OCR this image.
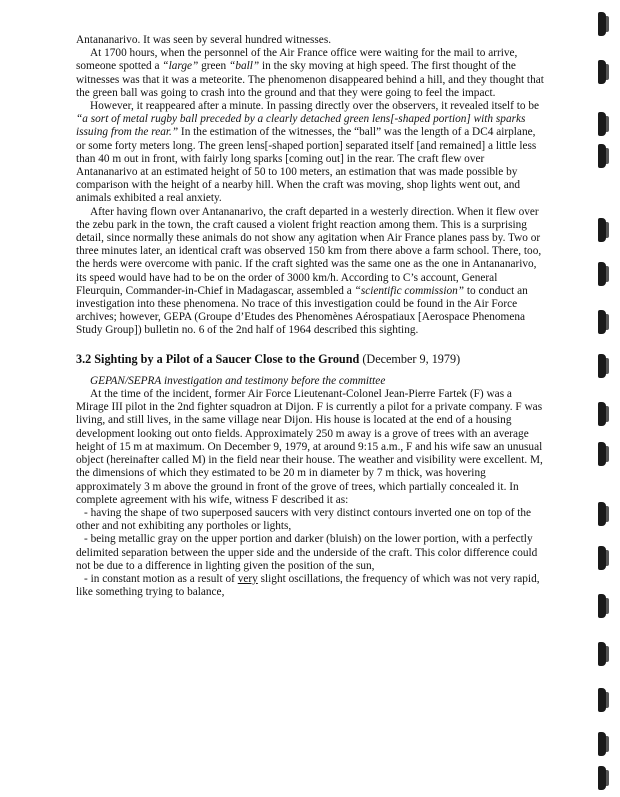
Antananarivo. It was seen by several hundred witnesses.

At 1700 hours, when the personnel of the Air France office were waiting for the mail to arrive, someone spotted a “large” green “ball” in the sky moving at high speed. The first thought of the witnesses was that it was a meteorite. The phenomenon disappeared behind a hill, and they thought that the green ball was going to crash into the ground and that they were going to feel the impact.

However, it reappeared after a minute. In passing directly over the observers, it revealed itself to be “a sort of metal rugby ball preceded by a clearly detached green lens[-shaped portion] with sparks issuing from the rear.” In the estimation of the witnesses, the “ball” was the length of a DC4 airplane, or some forty meters long. The green lens[-shaped portion] separated itself [and remained] a little less than 40 m out in front, with fairly long sparks [coming out] in the rear. The craft flew over Antananarivo at an estimated height of 50 to 100 meters, an estimation that was made possible by comparison with the height of a nearby hill. When the craft was moving, shop lights went out, and animals exhibited a real anxiety.

After having flown over Antananarivo, the craft departed in a westerly direction. When it flew over the zebu park in the town, the craft caused a violent fright reaction among them. This is a surprising detail, since normally these animals do not show any agitation when Air France planes pass by. Two or three minutes later, an identical craft was observed 150 km from there above a farm school. There, too, the herds were overcome with panic. If the craft sighted was the same one as the one in Antananarivo, its speed would have had to be on the order of 3000 km/h. According to C’s account, General Fleurquin, Commander-in-Chief in Madagascar, assembled a “scientific commission” to conduct an investigation into these phenomena. No trace of this investigation could be found in the Air Force archives; however, GEPA (Groupe d’Etudes des Phenomènes Aérospatiaux [Aerospace Phenomena Study Group]) bulletin no. 6 of the 2nd half of 1964 described this sighting.

3.2 Sighting by a Pilot of a Saucer Close to the Ground (December 9, 1979)

GEPAN/SEPRA investigation and testimony before the committee

At the time of the incident, former Air Force Lieutenant-Colonel Jean-Pierre Fartek (F) was a Mirage III pilot in the 2nd fighter squadron at Dijon. F is currently a pilot for a private company. F was living, and still lives, in the same village near Dijon. His house is located at the end of a housing development looking out onto fields. Approximately 250 m away is a grove of trees with an average height of 15 m at maximum. On December 9, 1979, at around 9:15 a.m., F and his wife saw an unusual object (hereinafter called M) in the field near their house. The weather and visibility were excellent. M, the dimensions of which they estimated to be 20 m in diameter by 7 m thick, was hovering approximately 3 m above the ground in front of the grove of trees, which partially concealed it. In complete agreement with his wife, witness F described it as:

- having the shape of two superposed saucers with very distinct contours inverted one on top of the other and not exhibiting any portholes or lights,

- being metallic gray on the upper portion and darker (bluish) on the lower portion, with a perfectly delimited separation between the upper side and the underside of the craft. This color difference could not be due to a difference in lighting given the position of the sun,

- in constant motion as a result of very slight oscillations, the frequency of which was not very rapid, like something trying to balance,
